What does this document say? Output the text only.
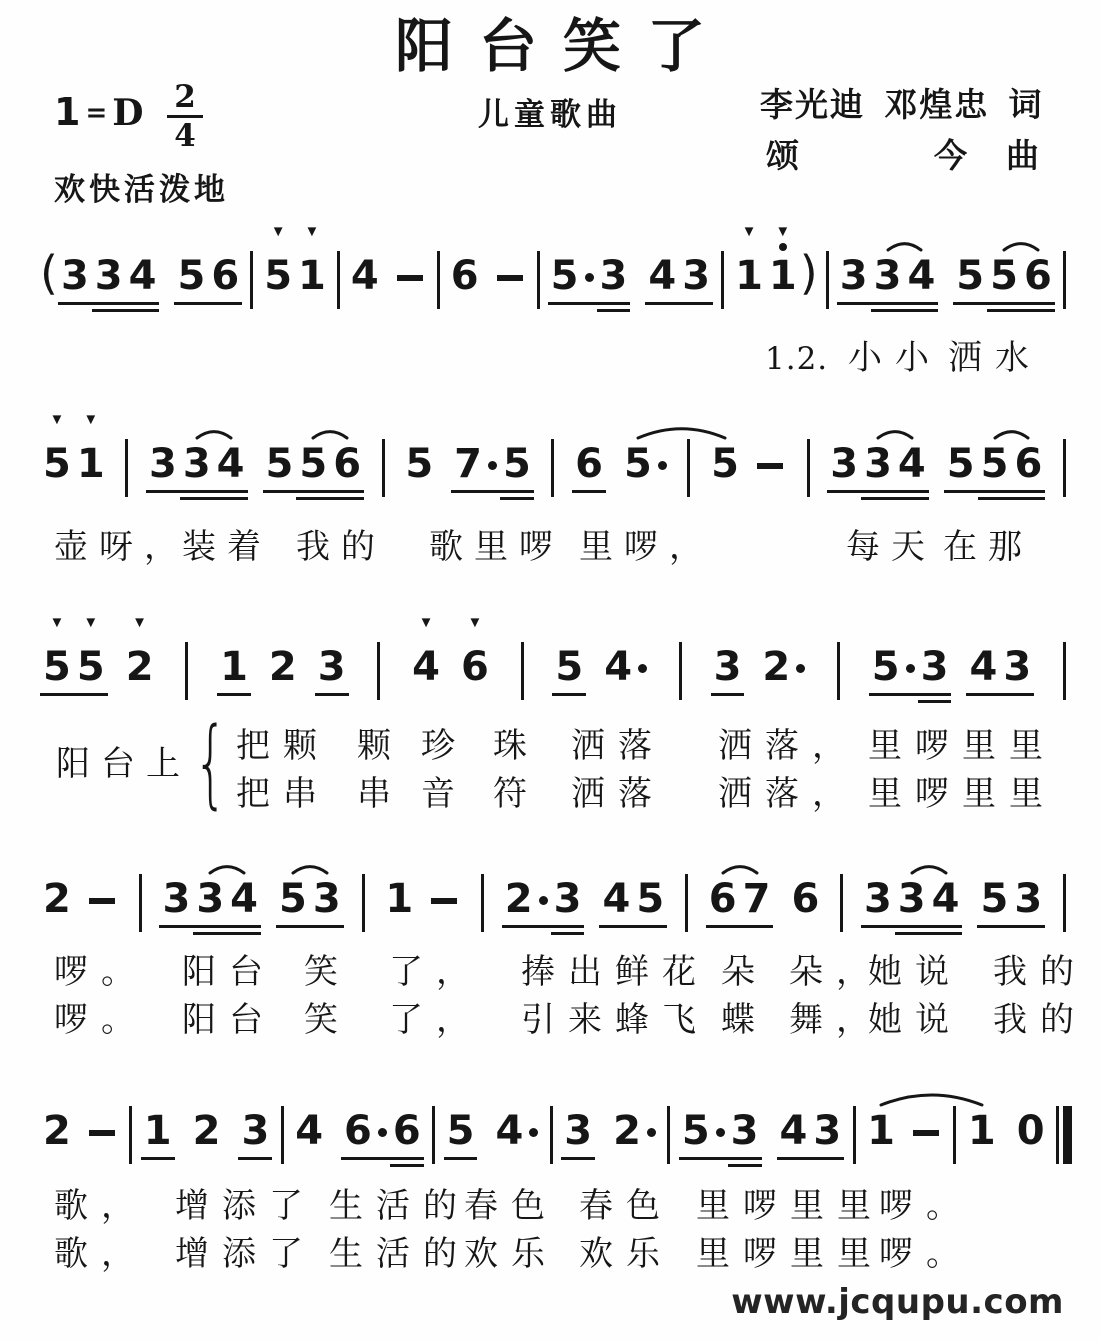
阳台笑了
1 = D 2
4
儿童歌曲	李光迪 邓煌忠 词
颂	今 曲
欢快活泼地
www.jcqupu.com
( 3 3 4 5 6
▼
5
▼
1 4 6 5 3 4 3
▼
1
▼
1 ) 3 3 4 5 5 6
1.2. 小小 洒水
▼
5
▼
1 3 3 4 5 5 6 5 7 5 6 5 5 3 3 4 5 5 6
壶呀，
装着 我的 歌里啰 里啰，	每天 在那
▼
5
▼
5
▼
2 1 2 3
▼
4
▼
6 5 4 3 2 5 3 4 3
把颗 颗 珍 珠 洒落 洒落， 里啰里里
把串 串 音 符 洒落 洒落， 里啰里里
阳台上 {
2 3 3 4 5 3 1 2 3 4 5 6 7 6 3 3 4 5 3
啰。 阳台 笑 了， 捧出鲜花 朵 朵，
她说 我的
啰。 阳台 笑 了， 引来蜂飞 蝶 舞，
她说 我的
2 1 2 3 4 6 6 5 4 3 2 5 3 4 3 1 1 0
歌， 增添了 生活的
春色 春色 里啰里里
啰。
歌， 增添了 生活的
欢乐 欢乐 里啰里里
啰。
